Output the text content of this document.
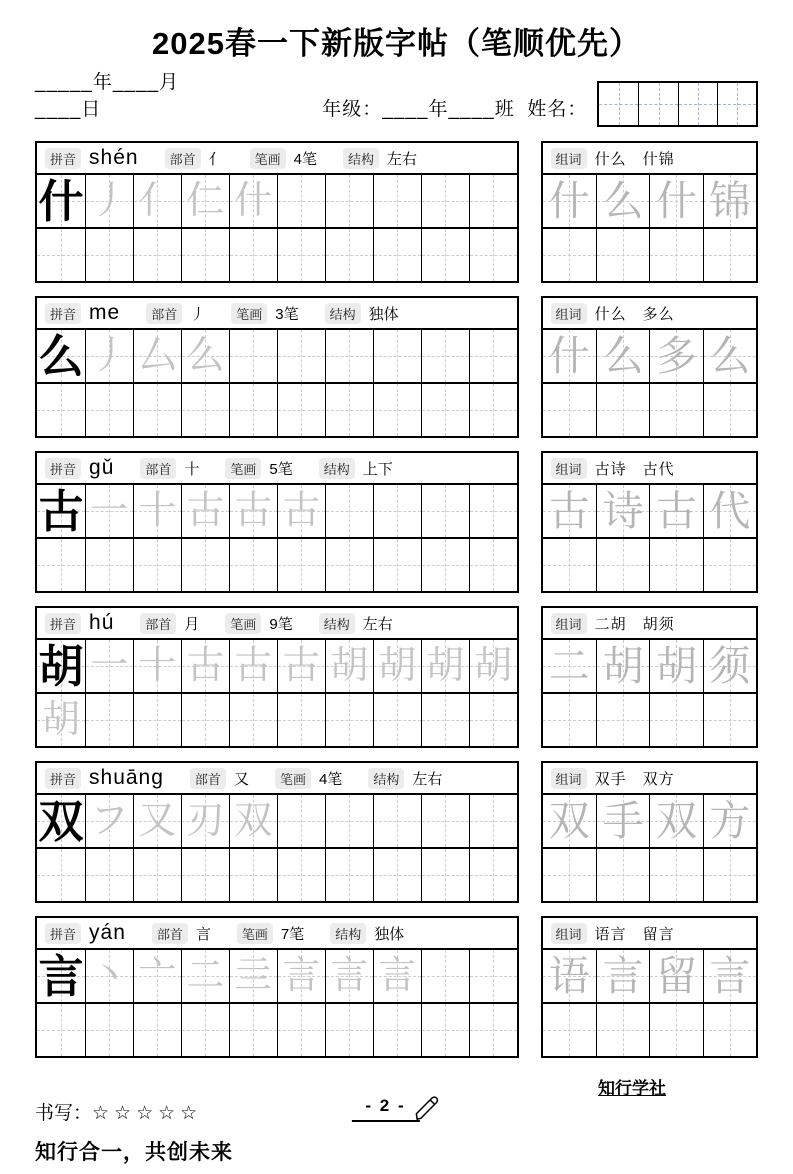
2025春一下新版字帖（笔顺优先）
_____年____月____日	年级：____年____班 姓名：
拼音 shén	部首 亻	笔画 4笔	结构 左右
什 丿 亻 仁 什
组词 什么 什锦
什 么 什 锦
拼音 me	部首 丿	笔画 3笔	结构 独体
么 丿 厶 么
组词 什么 多么
什 么 多 么
拼音 gǔ	部首 十	笔画 5笔	结构 上下
古 一 十 古 古 古
组词 古诗 古代
古 诗 古 代
拼音 hú	部首 月	笔画 9笔	结构 左右
胡 一 十 古 古 古 胡 胡 胡 胡
胡
组词 二胡 胡须
二 胡 胡 须
拼音 shuāng	部首 又	笔画 4笔	结构 左右
双 フ 又 刃 双
组词 双手 双方
双 手 双 方
拼音 yán	部首 言	笔画 7笔	结构 独体
言 丶 亠 二 亖 言 言 言
组词 语言 留言
语 言 留 言
知行学社
书写：☆☆☆☆☆	- 2 -
知行合一，共创未来
